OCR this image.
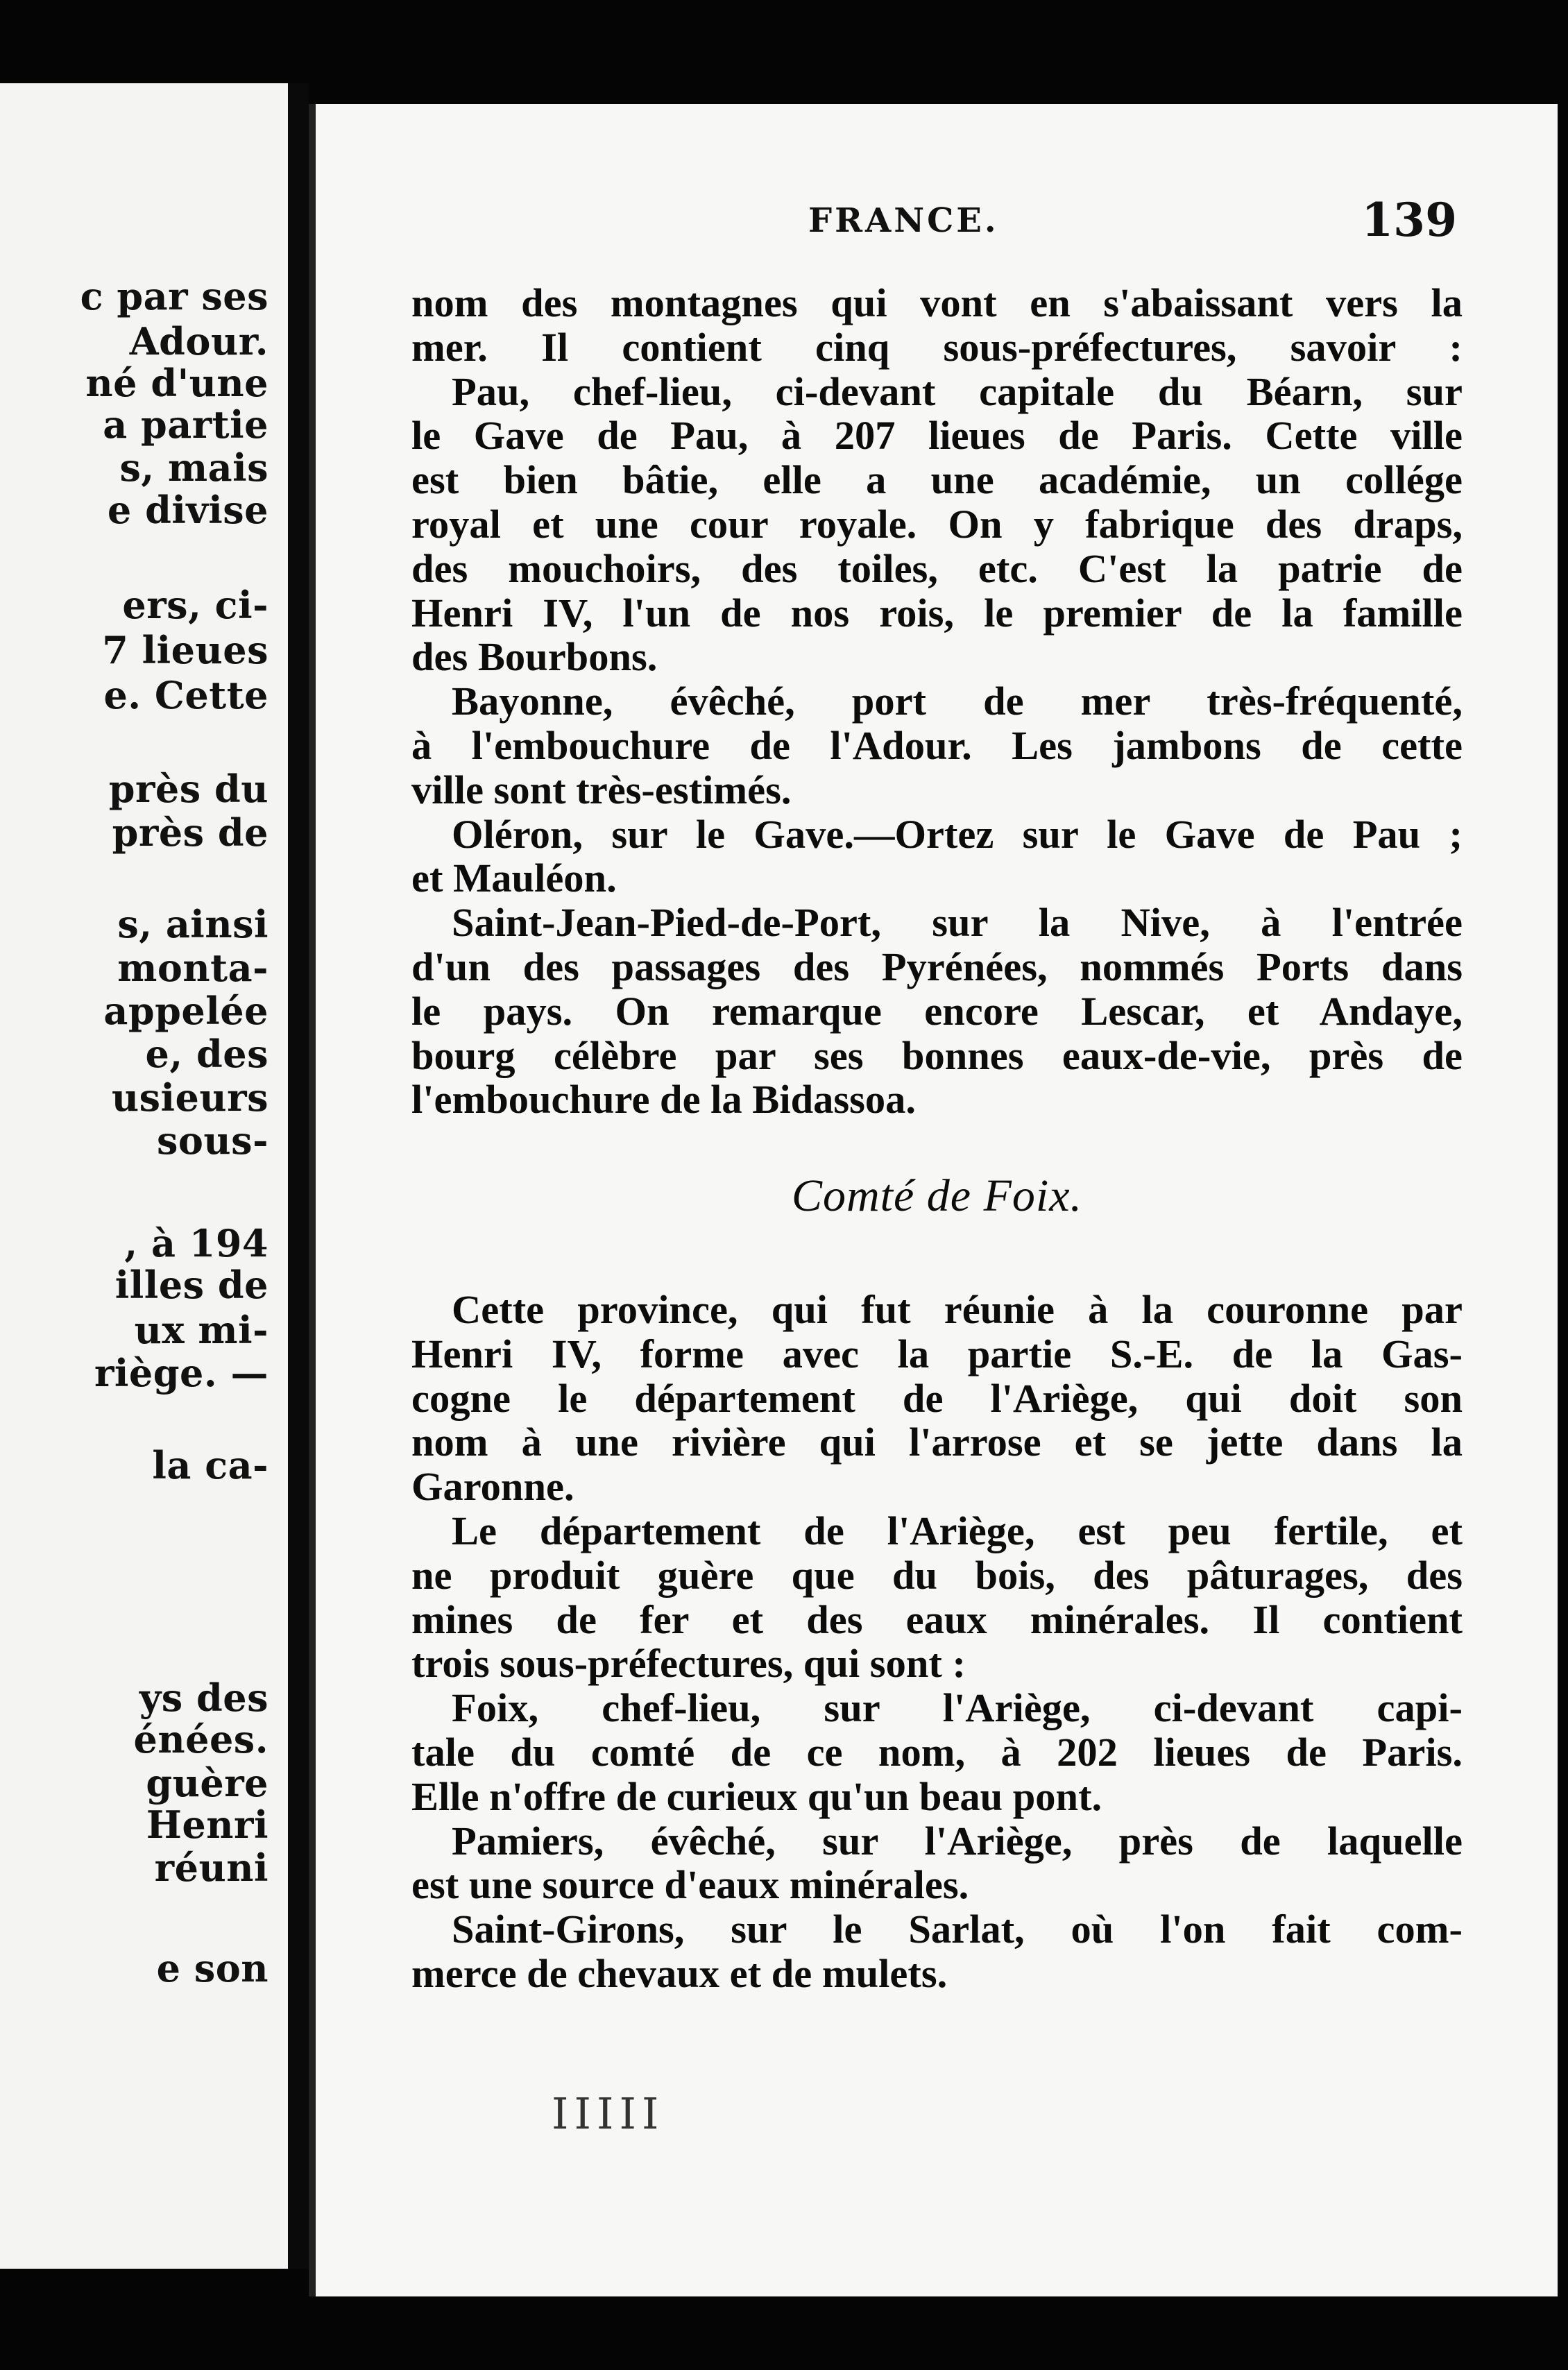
c par ses
Adour.
né d'une
a partie
s, mais
e divise
ers, ci-
7 lieues
e. Cette
près du
près de
s, ainsi
monta-
appelée
e, des
usieurs
sous-
, à 194
illes de
ux mi-
riège. —
la ca-
ys des
énées.
guère
Henri
réuni
e son
FRANCE.	139
nom des montagnes qui vont en s'abaissant vers la
mer. Il contient cinq sous-préfectures, savoir :
Pau, chef-lieu, ci-devant capitale du Béarn, sur
le Gave de Pau, à 207 lieues de Paris. Cette ville
est bien bâtie, elle a une académie, un collége
royal et une cour royale. On y fabrique des draps,
des mouchoirs, des toiles, etc. C'est la patrie de
Henri IV, l'un de nos rois, le premier de la famille
des Bourbons.
Bayonne, évêché, port de mer très-fréquenté,
à l'embouchure de l'Adour. Les jambons de cette
ville sont très-estimés.
Oléron, sur le Gave.—Ortez sur le Gave de Pau ;
et Mauléon.
Saint-Jean-Pied-de-Port, sur la Nive, à l'entrée
d'un des passages des Pyrénées, nommés Ports dans
le pays. On remarque encore Lescar, et Andaye,
bourg célèbre par ses bonnes eaux-de-vie, près de
l'embouchure de la Bidassoa.
Comté de Foix.
Cette province, qui fut réunie à la couronne par
Henri IV, forme avec la partie S.-E. de la Gas-
cogne le département de l'Ariège, qui doit son
nom à une rivière qui l'arrose et se jette dans la
Garonne.
Le département de l'Ariège, est peu fertile, et
ne produit guère que du bois, des pâturages, des
mines de fer et des eaux minérales. Il contient
trois sous-préfectures, qui sont :
Foix, chef-lieu, sur l'Ariège, ci-devant capi-
tale du comté de ce nom, à 202 lieues de Paris.
Elle n'offre de curieux qu'un beau pont.
Pamiers, évêché, sur l'Ariège, près de laquelle
est une source d'eaux minérales.
Saint-Girons, sur le Sarlat, où l'on fait com-
merce de chevaux et de mulets.
ⅠⅠⅠⅠⅠ
